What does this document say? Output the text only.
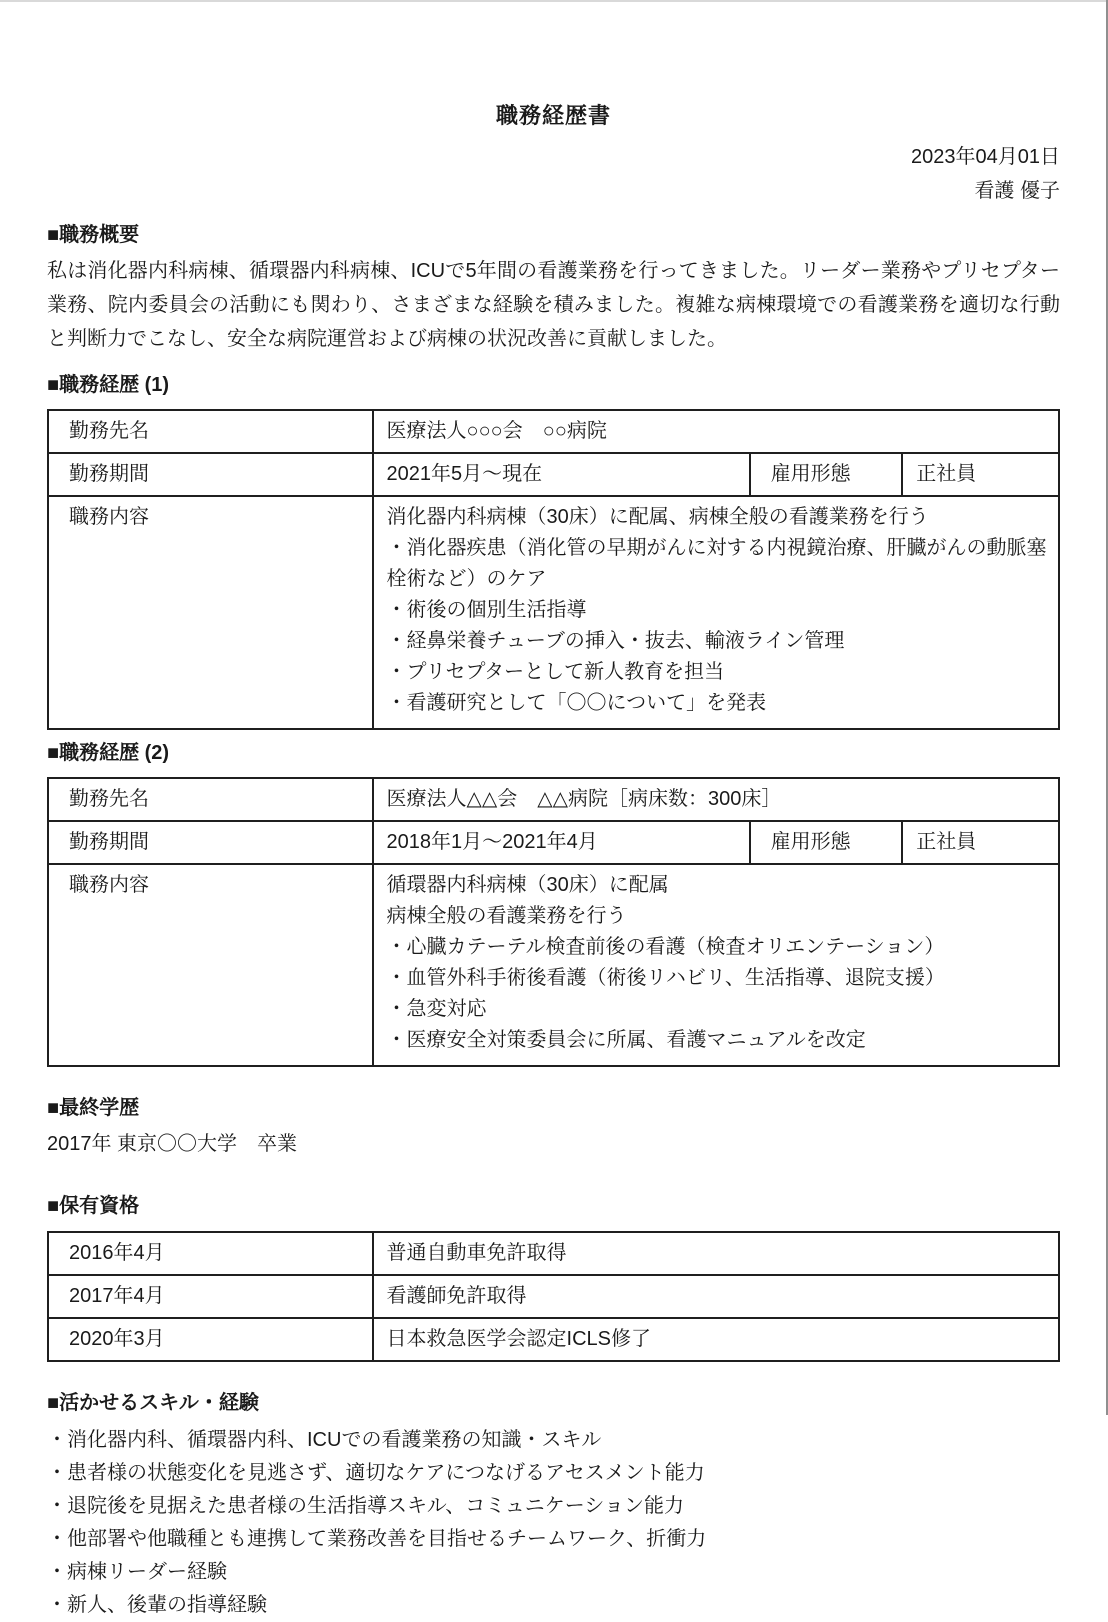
職務経歴書
2023年04月01日
看護 優子
■職務概要

私は消化器内科病棟、循環器内科病棟、ICUで5年間の看護業務を行ってきました。リーダー業務やプリセプター業務、院内委員会の活動にも関わり、さまざまな経験を積みました。複雑な病棟環境での看護業務を適切な行動と判断力でこなし、安全な病院運営および病棟の状況改善に貢献しました。

■職務経歴 (1)
勤務先名	医療法人○○○会　○○病院		
勤務期間	2021年5月～現在	雇用形態	正社員
職務内容	消化器内科病棟（30床）に配属、病棟全般の看護業務を行う
・消化器疾患（消化管の早期がんに対する内視鏡治療、肝臓がんの動脈塞栓術など）のケア
・術後の個別生活指導
・経鼻栄養チューブの挿入・抜去、輸液ライン管理
・プリセプターとして新人教育を担当
・看護研究として「〇〇について」を発表
■職務経歴 (2)
勤務先名	医療法人△△会　△△病院［病床数：300床］		
勤務期間	2018年1月～2021年4月	雇用形態	正社員
職務内容	循環器内科病棟（30床）に配属
病棟全般の看護業務を行う
・心臓カテーテル検査前後の看護（検査オリエンテーション）
・血管外科手術後看護（術後リハビリ、生活指導、退院支援）
・急変対応
・医療安全対策委員会に所属、看護マニュアルを改定
■最終学歴
2017年 東京〇〇大学　卒業
■保有資格
2016年4月	普通自動車免許取得
2017年4月	看護師免許取得
2020年3月	日本救急医学会認定ICLS修了
■活かせるスキル・経験
・消化器内科、循環器内科、ICUでの看護業務の知識・スキル
・患者様の状態変化を見逃さず、適切なケアにつなげるアセスメント能力
・退院後を見据えた患者様の生活指導スキル、コミュニケーション能力
・他部署や他職種とも連携して業務改善を目指せるチームワーク、折衝力
・病棟リーダー経験
・新人、後輩の指導経験
